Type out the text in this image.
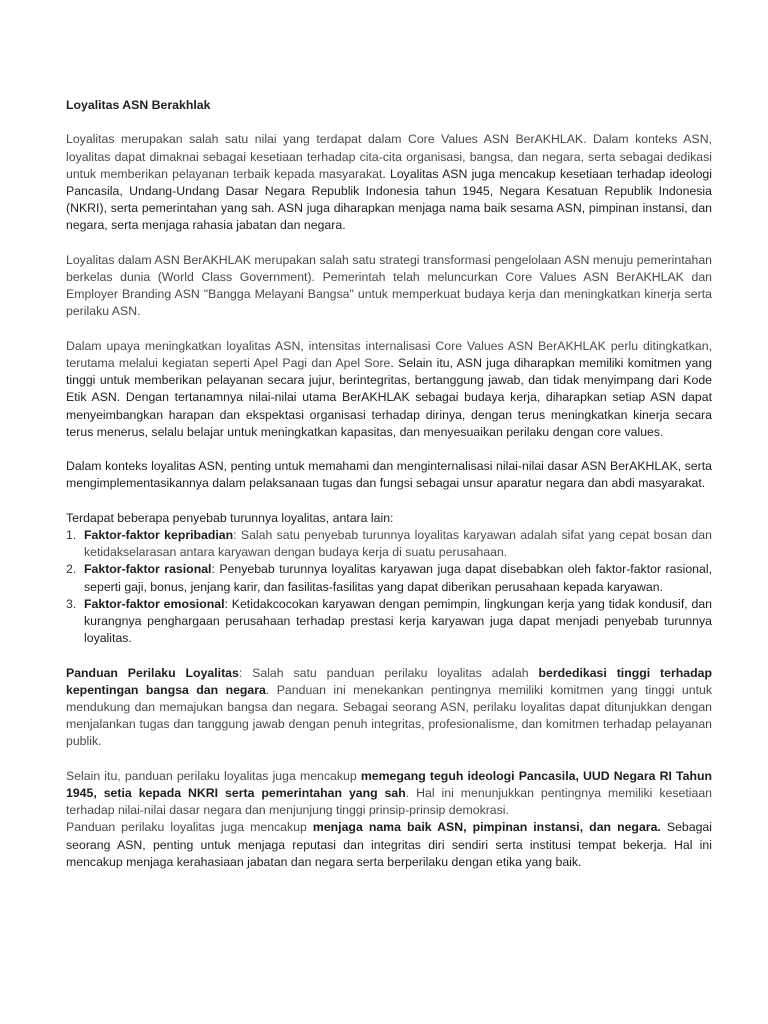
Loyalitas ASN Berakhlak

Loyalitas merupakan salah satu nilai yang terdapat dalam Core Values ASN BerAKHLAK. Dalam konteks ASN, loyalitas dapat dimaknai sebagai kesetiaan terhadap cita-cita organisasi, bangsa, dan negara, serta sebagai dedikasi untuk memberikan pelayanan terbaik kepada masyarakat. Loyalitas ASN juga mencakup kesetiaan terhadap ideologi Pancasila, Undang-Undang Dasar Negara Republik Indonesia tahun 1945, Negara Kesatuan Republik Indonesia (NKRI), serta pemerintahan yang sah. ASN juga diharapkan menjaga nama baik sesama ASN, pimpinan instansi, dan negara, serta menjaga rahasia jabatan dan negara.

Loyalitas dalam ASN BerAKHLAK merupakan salah satu strategi transformasi pengelolaan ASN menuju pemerintahan berkelas dunia (World Class Government). Pemerintah telah meluncurkan Core Values ASN BerAKHLAK dan Employer Branding ASN "Bangga Melayani Bangsa" untuk memperkuat budaya kerja dan meningkatkan kinerja serta perilaku ASN.

Dalam upaya meningkatkan loyalitas ASN, intensitas internalisasi Core Values ASN BerAKHLAK perlu ditingkatkan, terutama melalui kegiatan seperti Apel Pagi dan Apel Sore. Selain itu, ASN juga diharapkan memiliki komitmen yang tinggi untuk memberikan pelayanan secara jujur, berintegritas, bertanggung jawab, dan tidak menyimpang dari Kode Etik ASN. Dengan tertanamnya nilai-nilai utama BerAKHLAK sebagai budaya kerja, diharapkan setiap ASN dapat menyeimbangkan harapan dan ekspektasi organisasi terhadap dirinya, dengan terus meningkatkan kinerja secara terus menerus, selalu belajar untuk meningkatkan kapasitas, dan menyesuaikan perilaku dengan core values.

Dalam konteks loyalitas ASN, penting untuk memahami dan menginternalisasi nilai-nilai dasar ASN BerAKHLAK, serta mengimplementasikannya dalam pelaksanaan tugas dan fungsi sebagai unsur aparatur negara dan abdi masyarakat.

Terdapat beberapa penyebab turunnya loyalitas, antara lain:

1. Faktor-faktor kepribadian: Salah satu penyebab turunnya loyalitas karyawan adalah sifat yang cepat bosan dan ketidakselarasan antara karyawan dengan budaya kerja di suatu perusahaan.
2. Faktor-faktor rasional: Penyebab turunnya loyalitas karyawan juga dapat disebabkan oleh faktor-faktor rasional, seperti gaji, bonus, jenjang karir, dan fasilitas-fasilitas yang dapat diberikan perusahaan kepada karyawan.
3. Faktor-faktor emosional: Ketidakcocokan karyawan dengan pemimpin, lingkungan kerja yang tidak kondusif, dan kurangnya penghargaan perusahaan terhadap prestasi kerja karyawan juga dapat menjadi penyebab turunnya loyalitas.

Panduan Perilaku Loyalitas: Salah satu panduan perilaku loyalitas adalah berdedikasi tinggi terhadap kepentingan bangsa dan negara. Panduan ini menekankan pentingnya memiliki komitmen yang tinggi untuk mendukung dan memajukan bangsa dan negara. Sebagai seorang ASN, perilaku loyalitas dapat ditunjukkan dengan menjalankan tugas dan tanggung jawab dengan penuh integritas, profesionalisme, dan komitmen terhadap pelayanan publik.

Selain itu, panduan perilaku loyalitas juga mencakup memegang teguh ideologi Pancasila, UUD Negara RI Tahun 1945, setia kepada NKRI serta pemerintahan yang sah. Hal ini menunjukkan pentingnya memiliki kesetiaan terhadap nilai-nilai dasar negara dan menjunjung tinggi prinsip-prinsip demokrasi.

Panduan perilaku loyalitas juga mencakup menjaga nama baik ASN, pimpinan instansi, dan negara. Sebagai seorang ASN, penting untuk menjaga reputasi dan integritas diri sendiri serta institusi tempat bekerja. Hal ini mencakup menjaga kerahasiaan jabatan dan negara serta berperilaku dengan etika yang baik.
